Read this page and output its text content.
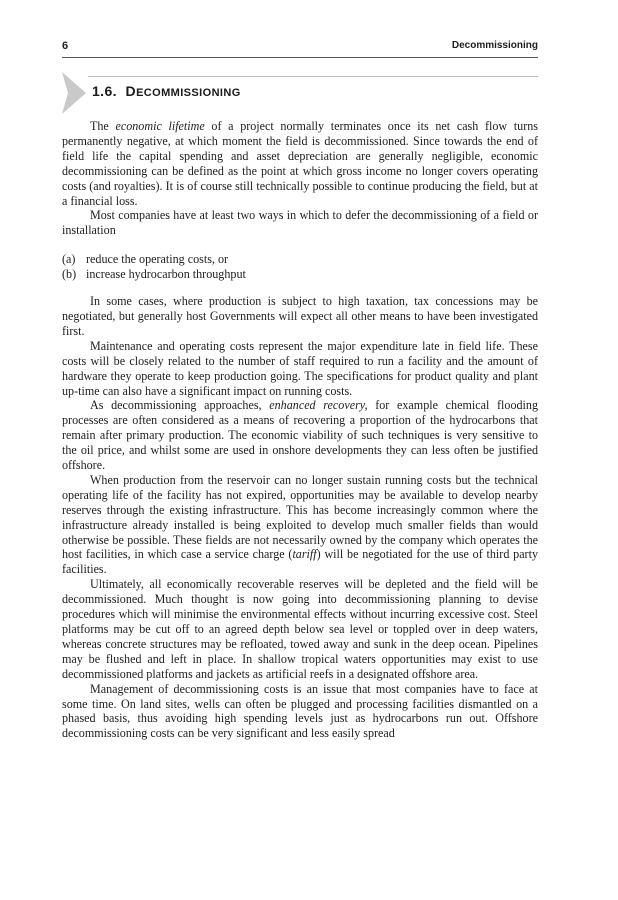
6	Decommissioning
1.6. DECOMMISSIONING

The economic lifetime of a project normally terminates once its net cash flow turns permanently negative, at which moment the field is decommissioned. Since towards the end of field life the capital spending and asset depreciation are generally negligible, economic decommissioning can be defined as the point at which gross income no longer covers operating costs (and royalties). It is of course still technically possible to continue producing the field, but at a financial loss.

Most companies have at least two ways in which to defer the decommissioning of a field or installation

(a) reduce the operating costs, or
(b) increase hydrocarbon throughput

In some cases, where production is subject to high taxation, tax concessions may be negotiated, but generally host Governments will expect all other means to have been investigated first.

Maintenance and operating costs represent the major expenditure late in field life. These costs will be closely related to the number of staff required to run a facility and the amount of hardware they operate to keep production going. The specifications for product quality and plant up-time can also have a significant impact on running costs.

As decommissioning approaches, enhanced recovery, for example chemical flooding processes are often considered as a means of recovering a proportion of the hydrocarbons that remain after primary production. The economic viability of such techniques is very sensitive to the oil price, and whilst some are used in onshore developments they can less often be justified offshore.

When production from the reservoir can no longer sustain running costs but the technical operating life of the facility has not expired, opportunities may be available to develop nearby reserves through the existing infrastructure. This has become increasingly common where the infrastructure already installed is being exploited to develop much smaller fields than would otherwise be possible. These fields are not necessarily owned by the company which operates the host facilities, in which case a service charge (tariff) will be negotiated for the use of third party facilities.

Ultimately, all economically recoverable reserves will be depleted and the field will be decommissioned. Much thought is now going into decommissioning planning to devise procedures which will minimise the environmental effects without incurring excessive cost. Steel platforms may be cut off to an agreed depth below sea level or toppled over in deep waters, whereas concrete structures may be refloated, towed away and sunk in the deep ocean. Pipelines may be flushed and left in place. In shallow tropical waters opportunities may exist to use decommissioned platforms and jackets as artificial reefs in a designated offshore area.

Management of decommissioning costs is an issue that most companies have to face at some time. On land sites, wells can often be plugged and processing facilities dismantled on a phased basis, thus avoiding high spending levels just as hydrocarbons run out. Offshore decommissioning costs can be very significant and less easily spread
